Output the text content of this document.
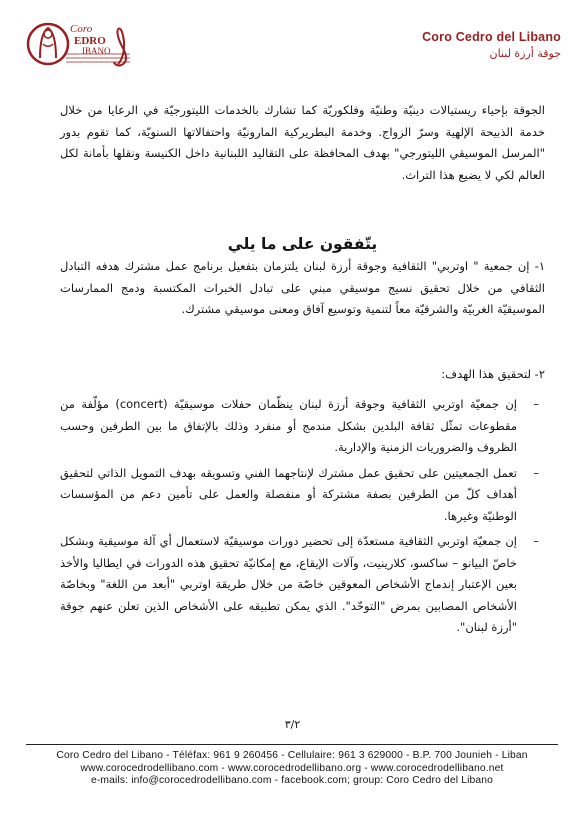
Coro
EDRO
IBANO
Coro Cedro del Libano
جوقة أرزة لبنان

الجوقة بإحياء ريستيالات دينيّة وطنيّة وفلكوريّة كما تشارك بالخدمات الليتورجيّة في الرعايا من خلال خدمة الذبيحة الإلهية وسرّ الزواج. وخدمة البطريركية المارونيّة واحتفالاتها السنويّة، كما تقوم بدور "المرسل الموسيقي الليتورجي" بهدف المحافظة على التقاليد اللبنانية داخل الكنيسة ونقلها بأمانة لكل العالم لكي لا يضيع هذا التراث.

يتّفقون على ما يلي

١- إن جمعية " اوتربي" الثقافية وجوقة أرزة لبنان يلتزمان بتفعيل برنامج عمل مشترك هدفه التبادل الثقافي من خلال تحقيق نسيج موسيقي مبني على تبادل الخبرات المكتسبة ودمج الممارسات الموسيقيّة الغربيّة والشرقيّة معاً لتنمية وتوسيع آفاق ومعنى موسيقي مشترك.

٢- لتحقيق هذا الهدف:
–
إن جمعيّة اوتربي الثقافية وجوقة أرزة لبنان ينظّمان حفلات موسيقيّة (concert) مؤلّفة من مقطوعات تمثّل ثقافة البلدين بشكل مندمج أو منفرد وذلك بالإتفاق ما بين الطرفين وحسب الظروف والضروريات الزمنية والإدارية.
–
تعمل الجمعيتين على تحقيق عمل مشترك لإنتاجهما الفني وتسويقه بهدف التمويل الذاتي لتحقيق أهداف كلّ من الطرفين بصفة مشتركة أو منفصلة والعمل على تأمين دعم من المؤسسات الوطنيّة وغيرها.
–
إن جمعيّة اوتربي الثقافية مستعدّة إلى تحضير دورات موسيقيّة لاستعمال أي آلة موسيقية وبشكل خاصّ البيانو – ساكسو، كلارينيت، وآلات الإيقاع، مع إمكانيّة تحقيق هذه الدورات في ايطاليا والأخذ بعين الإعتبار إندماج الأشخاص المعوقين خاصّة من خلال طريقة اوتربي "أبعد من اللغة" وبخاصّة الأشخاص المصابين بمرض "التوحّد". الذي يمكن تطبيقه على الأشخاص الذين تعلن عنهم جوقة "أرزة لبنان".
٣/٢
Coro Cedro del Libano - Téléfax: 961 9 260456 - Cellulaire: 961 3 629000 - B.P. 700 Jounieh - Liban
www.corocedrodellibano.com - www.corocedrodellibano.org - www.corocedrodellibano.net
e-mails: info@corocedrodellibano.com - facebook.com; group: Coro Cedro del Libano
